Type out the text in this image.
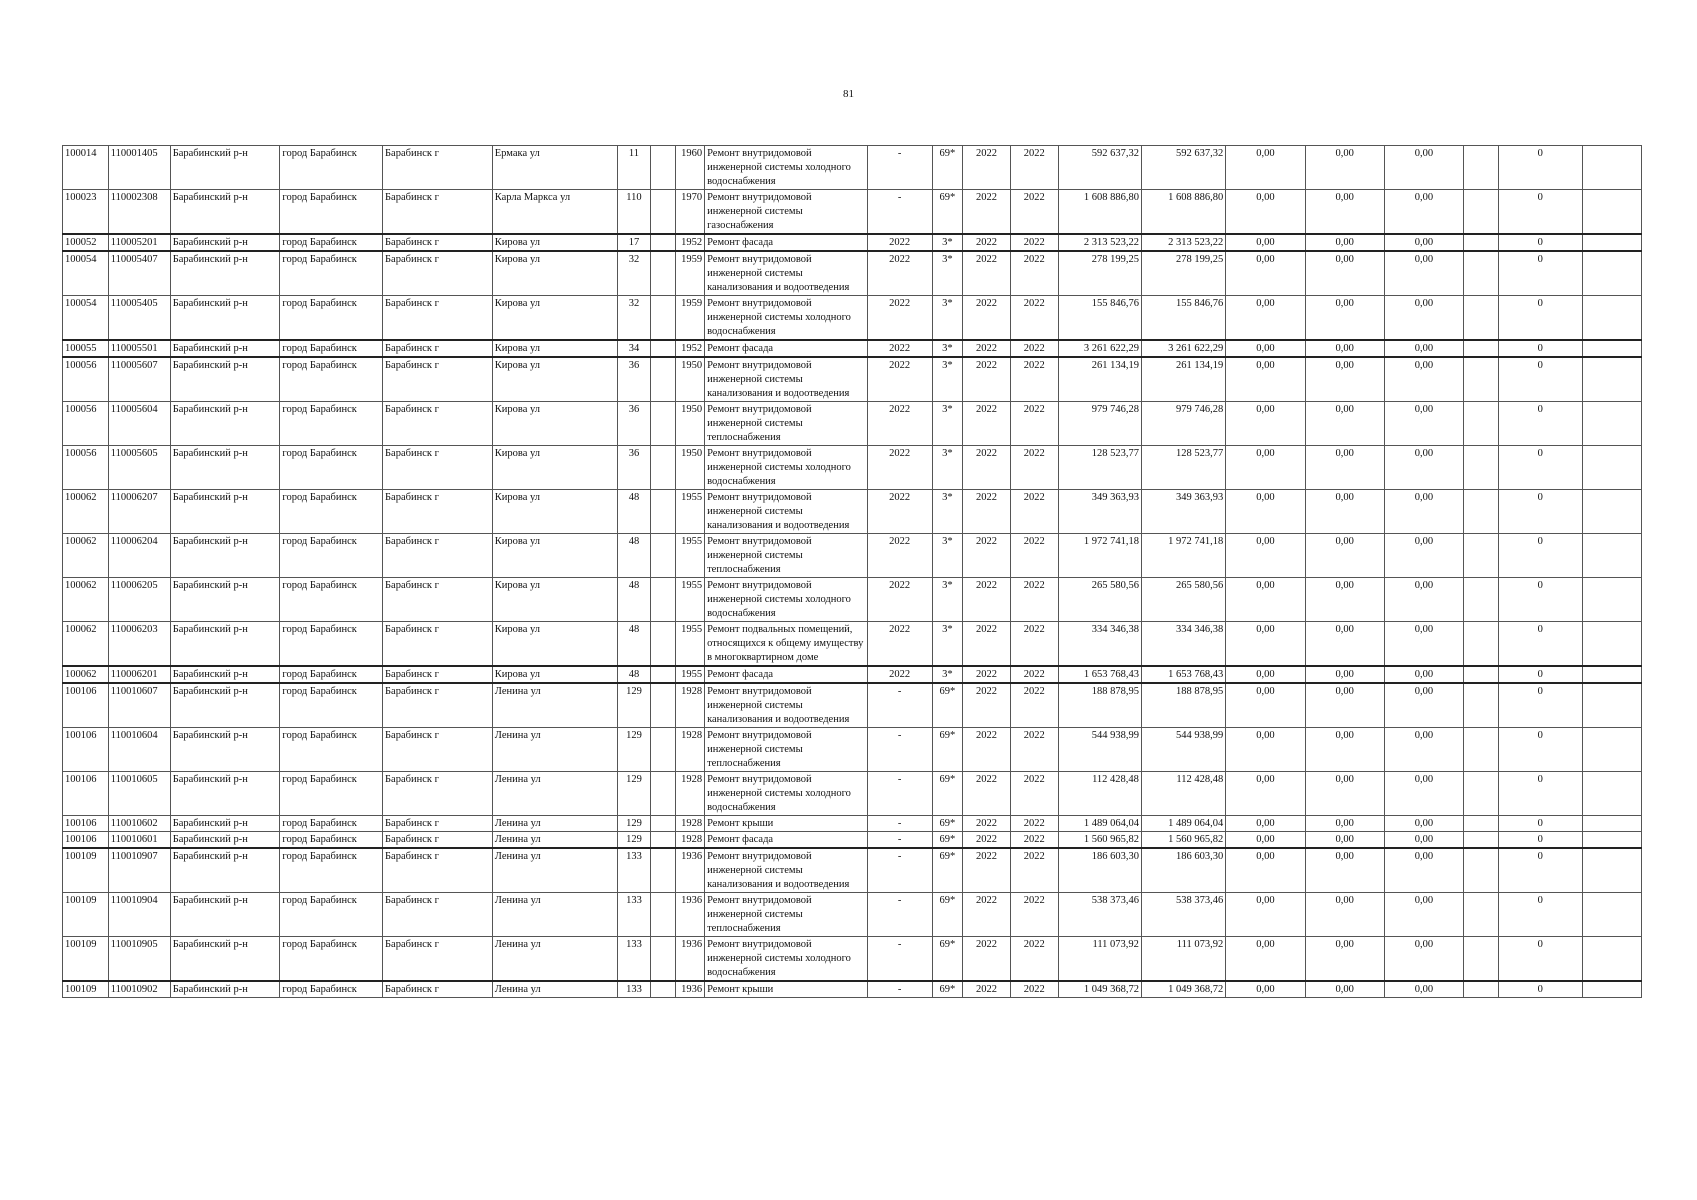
81
100014	110001405	Барабинский р-н	город Барабинск	Барабинск г	Ермака ул	11		1960	Ремонт внутридомовой инженерной системы холодного водоснабжения	-	69*	2022	2022	592 637,32	592 637,32	0,00	0,00	0,00		0	
100023	110002308	Барабинский р-н	город Барабинск	Барабинск г	Карла Маркса ул	110		1970	Ремонт внутридомовой инженерной системы газоснабжения	-	69*	2022	2022	1 608 886,80	1 608 886,80	0,00	0,00	0,00		0	
100052	110005201	Барабинский р-н	город Барабинск	Барабинск г	Кирова ул	17		1952	Ремонт фасада	2022	3*	2022	2022	2 313 523,22	2 313 523,22	0,00	0,00	0,00		0	
100054	110005407	Барабинский р-н	город Барабинск	Барабинск г	Кирова ул	32		1959	Ремонт внутридомовой инженерной системы канализования и водоотведения	2022	3*	2022	2022	278 199,25	278 199,25	0,00	0,00	0,00		0	
100054	110005405	Барабинский р-н	город Барабинск	Барабинск г	Кирова ул	32		1959	Ремонт внутридомовой инженерной системы холодного водоснабжения	2022	3*	2022	2022	155 846,76	155 846,76	0,00	0,00	0,00		0	
100055	110005501	Барабинский р-н	город Барабинск	Барабинск г	Кирова ул	34		1952	Ремонт фасада	2022	3*	2022	2022	3 261 622,29	3 261 622,29	0,00	0,00	0,00		0	
100056	110005607	Барабинский р-н	город Барабинск	Барабинск г	Кирова ул	36		1950	Ремонт внутридомовой инженерной системы канализования и водоотведения	2022	3*	2022	2022	261 134,19	261 134,19	0,00	0,00	0,00		0	
100056	110005604	Барабинский р-н	город Барабинск	Барабинск г	Кирова ул	36		1950	Ремонт внутридомовой инженерной системы теплоснабжения	2022	3*	2022	2022	979 746,28	979 746,28	0,00	0,00	0,00		0	
100056	110005605	Барабинский р-н	город Барабинск	Барабинск г	Кирова ул	36		1950	Ремонт внутридомовой инженерной системы холодного водоснабжения	2022	3*	2022	2022	128 523,77	128 523,77	0,00	0,00	0,00		0	
100062	110006207	Барабинский р-н	город Барабинск	Барабинск г	Кирова ул	48		1955	Ремонт внутридомовой инженерной системы канализования и водоотведения	2022	3*	2022	2022	349 363,93	349 363,93	0,00	0,00	0,00		0	
100062	110006204	Барабинский р-н	город Барабинск	Барабинск г	Кирова ул	48		1955	Ремонт внутридомовой инженерной системы теплоснабжения	2022	3*	2022	2022	1 972 741,18	1 972 741,18	0,00	0,00	0,00		0	
100062	110006205	Барабинский р-н	город Барабинск	Барабинск г	Кирова ул	48		1955	Ремонт внутридомовой инженерной системы холодного водоснабжения	2022	3*	2022	2022	265 580,56	265 580,56	0,00	0,00	0,00		0	
100062	110006203	Барабинский р-н	город Барабинск	Барабинск г	Кирова ул	48		1955	Ремонт подвальных помещений, относящихся к общему имуществу в многоквартирном доме	2022	3*	2022	2022	334 346,38	334 346,38	0,00	0,00	0,00		0	
100062	110006201	Барабинский р-н	город Барабинск	Барабинск г	Кирова ул	48		1955	Ремонт фасада	2022	3*	2022	2022	1 653 768,43	1 653 768,43	0,00	0,00	0,00		0	
100106	110010607	Барабинский р-н	город Барабинск	Барабинск г	Ленина ул	129		1928	Ремонт внутридомовой инженерной системы канализования и водоотведения	-	69*	2022	2022	188 878,95	188 878,95	0,00	0,00	0,00		0	
100106	110010604	Барабинский р-н	город Барабинск	Барабинск г	Ленина ул	129		1928	Ремонт внутридомовой инженерной системы теплоснабжения	-	69*	2022	2022	544 938,99	544 938,99	0,00	0,00	0,00		0	
100106	110010605	Барабинский р-н	город Барабинск	Барабинск г	Ленина ул	129		1928	Ремонт внутридомовой инженерной системы холодного водоснабжения	-	69*	2022	2022	112 428,48	112 428,48	0,00	0,00	0,00		0	
100106	110010602	Барабинский р-н	город Барабинск	Барабинск г	Ленина ул	129		1928	Ремонт крыши	-	69*	2022	2022	1 489 064,04	1 489 064,04	0,00	0,00	0,00		0	
100106	110010601	Барабинский р-н	город Барабинск	Барабинск г	Ленина ул	129		1928	Ремонт фасада	-	69*	2022	2022	1 560 965,82	1 560 965,82	0,00	0,00	0,00		0	
100109	110010907	Барабинский р-н	город Барабинск	Барабинск г	Ленина ул	133		1936	Ремонт внутридомовой инженерной системы канализования и водоотведения	-	69*	2022	2022	186 603,30	186 603,30	0,00	0,00	0,00		0	
100109	110010904	Барабинский р-н	город Барабинск	Барабинск г	Ленина ул	133		1936	Ремонт внутридомовой инженерной системы теплоснабжения	-	69*	2022	2022	538 373,46	538 373,46	0,00	0,00	0,00		0	
100109	110010905	Барабинский р-н	город Барабинск	Барабинск г	Ленина ул	133		1936	Ремонт внутридомовой инженерной системы холодного водоснабжения	-	69*	2022	2022	111 073,92	111 073,92	0,00	0,00	0,00		0	
100109	110010902	Барабинский р-н	город Барабинск	Барабинск г	Ленина ул	133		1936	Ремонт крыши	-	69*	2022	2022	1 049 368,72	1 049 368,72	0,00	0,00	0,00		0	
